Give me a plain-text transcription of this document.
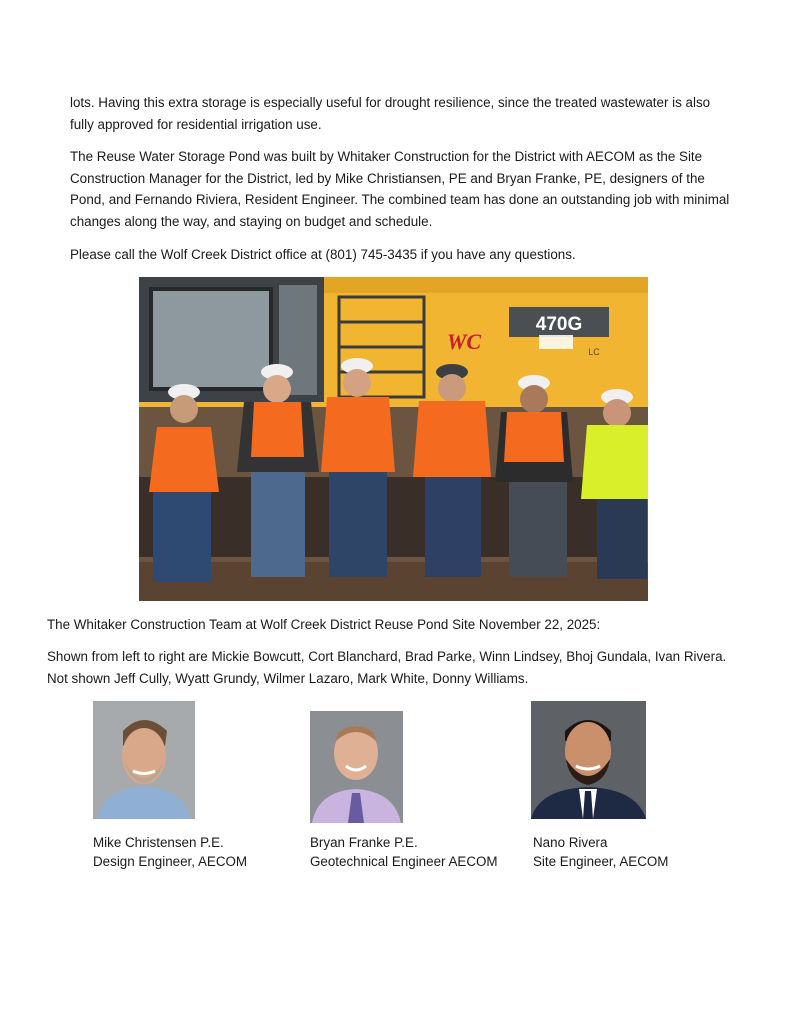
lots. Having this extra storage is especially useful for drought resilience, since the treated wastewater is also fully approved for residential irrigation use.

The Reuse Water Storage Pond was built by Whitaker Construction for the District with AECOM as the Site Construction Manager for the District, led by Mike Christiansen, PE and Bryan Franke, PE, designers of the Pond, and Fernando Riviera, Resident Engineer. The combined team has done an outstanding job with minimal changes along the way, and staying on budget and schedule.

Please call the Wolf Creek District office at (801) 745-3435 if you have any questions.

470G
LC
WC

The Whitaker Construction Team at Wolf Creek District Reuse Pond Site November 22, 2025:

Shown from left to right are Mickie Bowcutt, Cort Blanchard, Brad Parke, Winn Lindsey, Bhoj Gundala, Ivan Rivera. Not shown Jeff Cully, Wyatt Grundy, Wilmer Lazaro, Mark White, Donny Williams.

Mike Christensen P.E.
Design Engineer, AECOM
Bryan Franke P.E.
Geotechnical Engineer AECOM
Nano Rivera
Site Engineer, AECOM
